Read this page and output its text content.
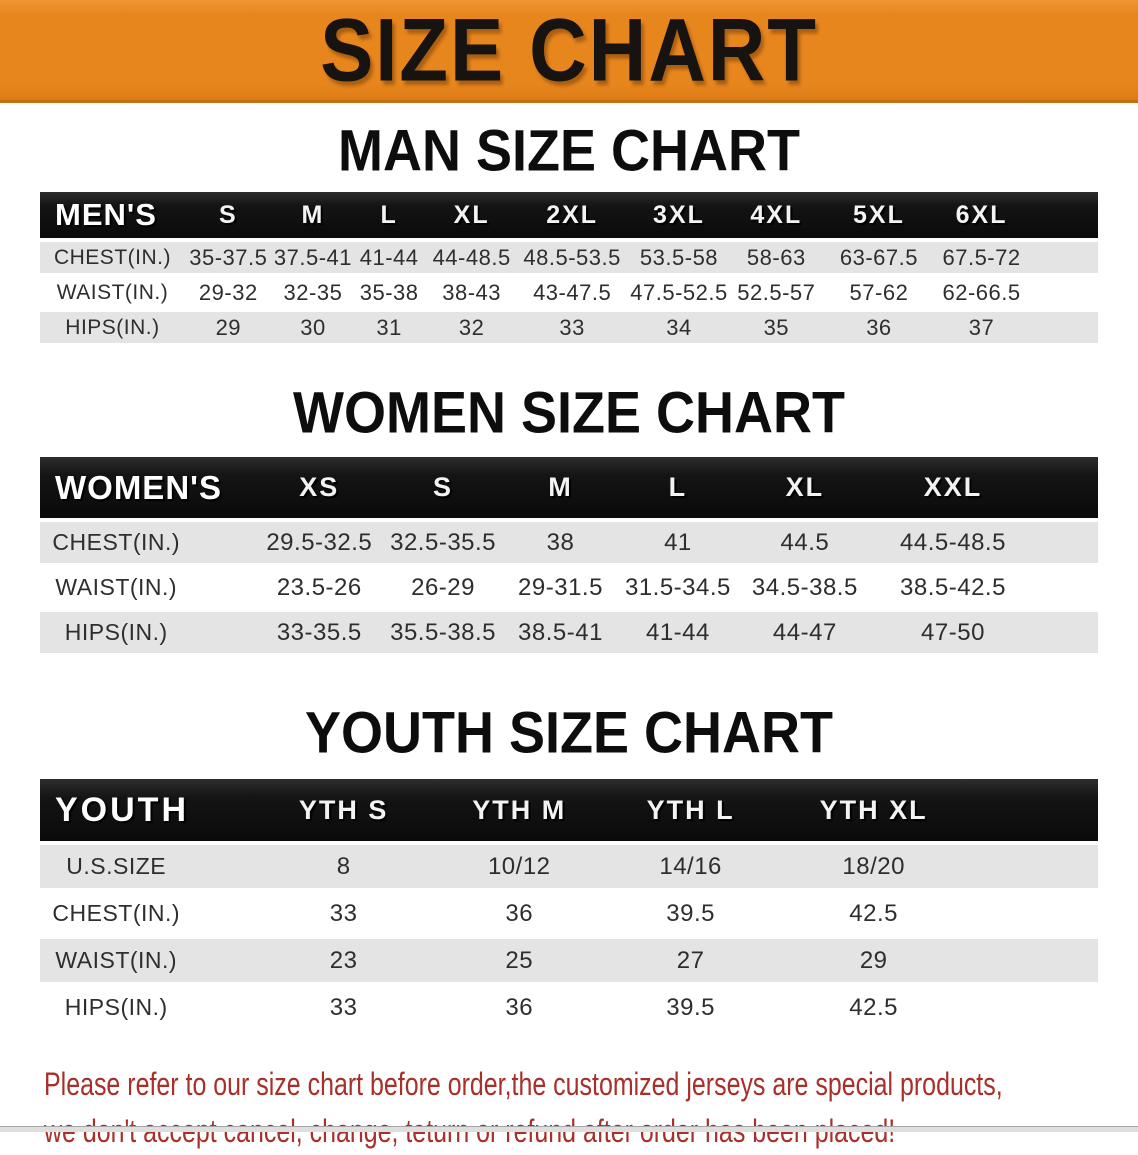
SIZE CHART
MAN SIZE CHART
MEN'S	S	M	L	XL	2XL	3XL	4XL	5XL	6XL	
CHEST(IN.)	35-37.5	37.5-41	41-44	44-48.5	48.5-53.5	53.5-58	58-63	63-67.5	67.5-72	
WAIST(IN.)	29-32	32-35	35-38	38-43	43-47.5	47.5-52.5	52.5-57	57-62	62-66.5	
HIPS(IN.)	29	30	31	32	33	34	35	36	37	
WOMEN SIZE CHART
WOMEN'S	XS	S	M	L	XL	XXL	
CHEST(IN.)	29.5-32.5	32.5-35.5	38	41	44.5	44.5-48.5	
WAIST(IN.)	23.5-26	26-29	29-31.5	31.5-34.5	34.5-38.5	38.5-42.5	
HIPS(IN.)	33-35.5	35.5-38.5	38.5-41	41-44	44-47	47-50	
YOUTH SIZE CHART
YOUTH	YTH S	YTH M	YTH L	YTH XL	
U.S.SIZE	8	10/12	14/16	18/20	
CHEST(IN.)	33	36	39.5	42.5	
WAIST(IN.)	23	25	27	29	
HIPS(IN.)	33	36	39.5	42.5	
Please refer to our size chart before order,the customized jerseys are special products,
